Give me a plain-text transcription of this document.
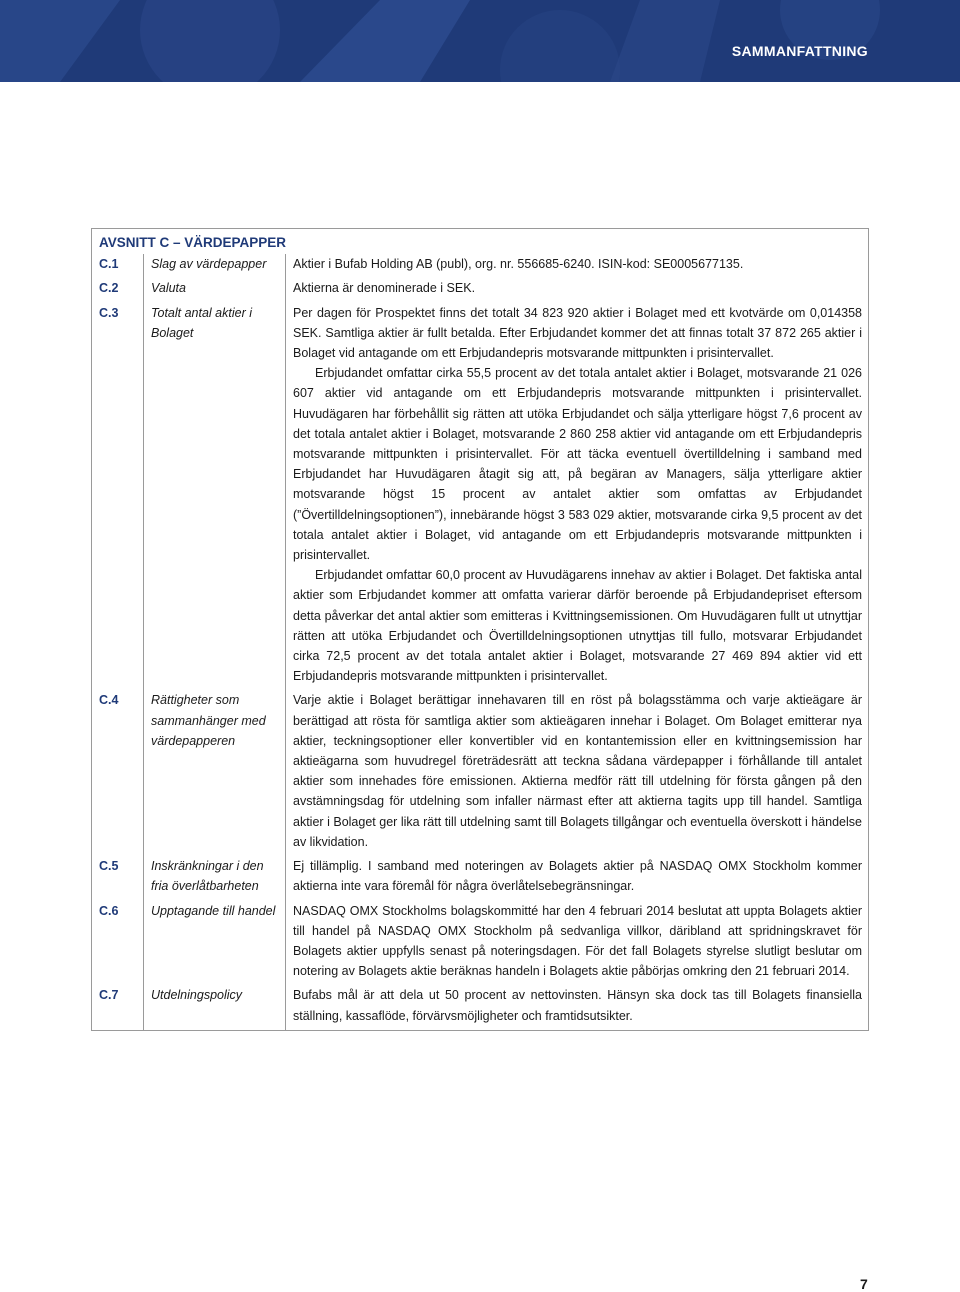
SAMMANFATTNING
AVSNITT C – VÄRDEPAPPER		
C.1	Slag av värdepapper	Aktier i Bufab Holding AB (publ), org. nr. 556685-6240. ISIN-kod: SE0005677135.

C.2	Valuta	Aktierna är denominerade i SEK.

C.3	Totalt antal aktier i Bolaget	Per dagen för Prospektet finns det totalt 34 823 920 aktier i Bolaget med ett kvotvärde om 0,014358 SEK. Samtliga aktier är fullt betalda. Efter Erbjudandet kommer det att finnas totalt 37 872 265 aktier i Bolaget vid antagande om ett Erbjudandepris motsvarande mittpunkten i prisintervallet.

Erbjudandet omfattar cirka 55,5 procent av det totala antalet aktier i Bolaget, motsvarande 21 026 607 aktier vid antagande om ett Erbjudandepris motsvarande mittpunkten i prisintervallet. Huvudägaren har förbehållit sig rätten att utöka Erbjudandet och sälja ytterligare högst 7,6 procent av det totala antalet aktier i Bolaget, motsvarande 2 860 258 aktier vid antagande om ett Erbjudandepris motsvarande mittpunkten i prisintervallet. För att täcka eventuell övertilldelning i samband med Erbjudandet har Huvudägaren åtagit sig att, på begäran av Managers, sälja ytterligare aktier motsvarande högst 15 procent av antalet aktier som omfattas av Erbjudandet (”Övertilldelningsoptionen”), innebärande högst 3 583 029 aktier, motsvarande cirka 9,5 procent av det totala antalet aktier i Bolaget, vid antagande om ett Erbjudandepris motsvarande mittpunkten i prisintervallet.

Erbjudandet omfattar 60,0 procent av Huvudägarens innehav av aktier i Bolaget. Det faktiska antal aktier som Erbjudandet kommer att omfatta varierar därför beroende på Erbjudandepriset eftersom detta påverkar det antal aktier som emitteras i Kvittningsemissionen. Om Huvudägaren fullt ut utnyttjar rätten att utöka Erbjudandet och Övertilldelningsoptionen utnyttjas till fullo, motsvarar Erbjudandet cirka 72,5 procent av det totala antalet aktier i Bolaget, motsvarande 27 469 894 aktier vid ett Erbjudandepris motsvarande mittpunkten i prisintervallet.

C.4	Rättigheter som sammanhänger med värdepapperen	Varje aktie i Bolaget berättigar innehavaren till en röst på bolagsstämma och varje aktieägare är berättigad att rösta för samtliga aktier som aktieägaren innehar i Bolaget. Om Bolaget emitterar nya aktier, teckningsoptioner eller konvertibler vid en kontantemission eller en kvittningsemission har aktieägarna som huvudregel företrädesrätt att teckna sådana värdepapper i förhållande till antalet aktier som innehades före emissionen. Aktierna medför rätt till utdelning för första gången på den avstämningsdag för utdelning som infaller närmast efter att aktierna tagits upp till handel. Samtliga aktier i Bolaget ger lika rätt till utdelning samt till Bolagets tillgångar och eventuella överskott i händelse av likvidation.

C.5	Inskränkningar i den fria överlåtbarheten	Ej tillämplig. I samband med noteringen av Bolagets aktier på NASDAQ OMX Stockholm kommer aktierna inte vara föremål för några överlåtelsebegränsningar.

C.6	Upptagande till handel	NASDAQ OMX Stockholms bolagskommitté har den 4 februari 2014 beslutat att uppta Bolagets aktier till handel på NASDAQ OMX Stockholm på sedvanliga villkor, däribland att spridningskravet för Bolagets aktier uppfylls senast på noteringsdagen. För det fall Bolagets styrelse slutligt beslutar om notering av Bolagets aktie beräknas handeln i Bolagets aktie påbörjas omkring den 21 februari 2014.

C.7	Utdelningspolicy	Bufabs mål är att dela ut 50 procent av nettovinsten. Hänsyn ska dock tas till Bolagets finansiella ställning, kassaflöde, förvärvsmöjligheter och framtidsutsikter.

7
